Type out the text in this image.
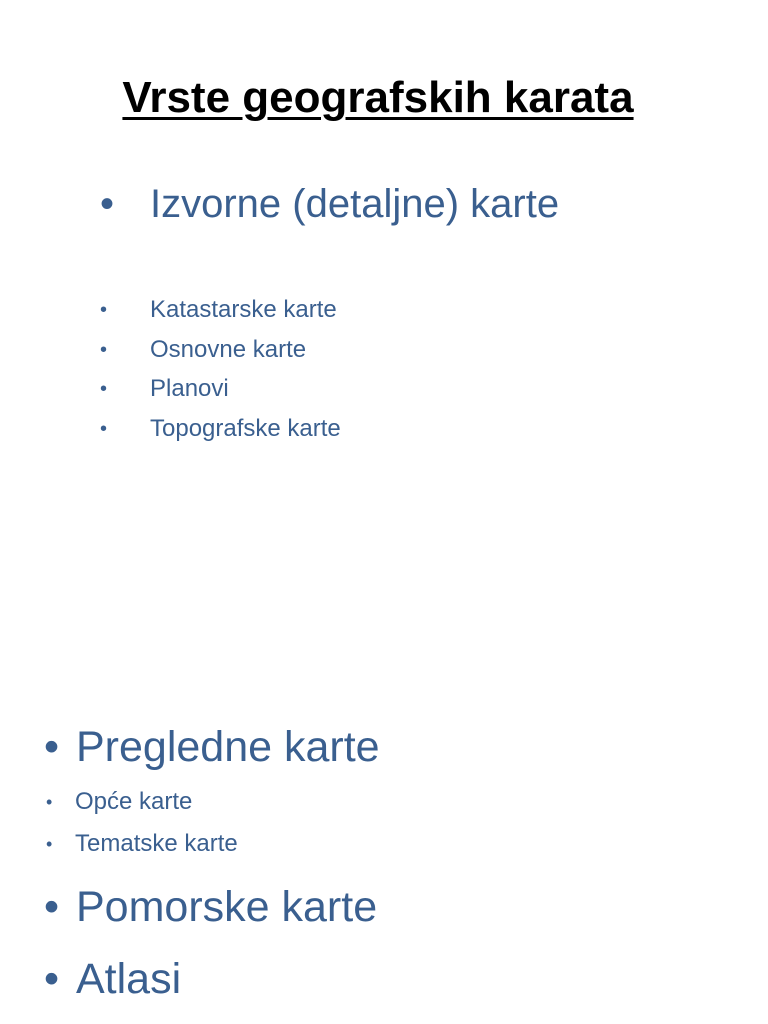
Vrste geografskih karata
• Izvorne (detaljne) karte
• Katastarske karte
• Osnovne karte
• Planovi
• Topografske karte
• Pregledne karte
• Opće karte
• Tematske karte
• Pomorske karte
• Atlasi
